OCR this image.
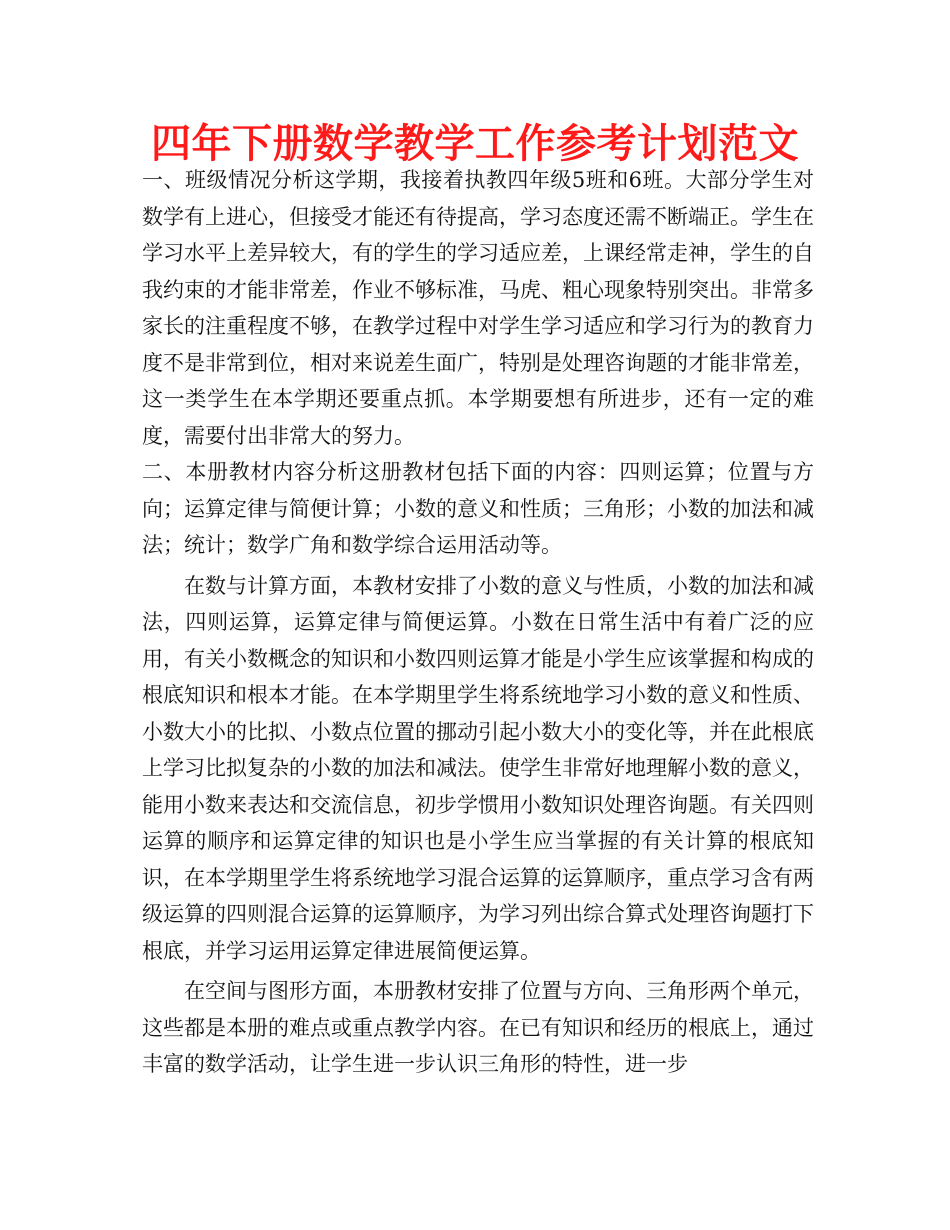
四年下册数学教学工作参考计划范文

一、班级情况分析这学期，我接着执教四年级5班和6班。大部分学生对数学有上进心，但接受才能还有待提高，学习态度还需不断端正。学生在学习水平上差异较大，有的学生的学习适应差，上课经常走神，学生的自我约束的才能非常差，作业不够标准，马虎、粗心现象特别突出。非常多家长的注重程度不够，在教学过程中对学生学习适应和学习行为的教育力度不是非常到位，相对来说差生面广，特别是处理咨询题的才能非常差，这一类学生在本学期还要重点抓。本学期要想有所进步，还有一定的难度，需要付出非常大的努力。

二、本册教材内容分析这册教材包括下面的内容：四则运算；位置与方向；运算定律与简便计算；小数的意义和性质；三角形；小数的加法和减法；统计；数学广角和数学综合运用活动等。

在数与计算方面，本教材安排了小数的意义与性质，小数的加法和减法，四则运算，运算定律与简便运算。小数在日常生活中有着广泛的应用，有关小数概念的知识和小数四则运算才能是小学生应该掌握和构成的根底知识和根本才能。在本学期里学生将系统地学习小数的意义和性质、小数大小的比拟、小数点位置的挪动引起小数大小的变化等，并在此根底上学习比拟复杂的小数的加法和减法。使学生非常好地理解小数的意义，能用小数来表达和交流信息，初步学惯用小数知识处理咨询题。有关四则运算的顺序和运算定律的知识也是小学生应当掌握的有关计算的根底知识，在本学期里学生将系统地学习混合运算的运算顺序，重点学习含有两级运算的四则混合运算的运算顺序，为学习列出综合算式处理咨询题打下根底，并学习运用运算定律进展简便运算。

在空间与图形方面，本册教材安排了位置与方向、三角形两个单元，这些都是本册的难点或重点教学内容。在已有知识和经历的根底上，通过丰富的数学活动，让学生进一步认识三角形的特性，进一步
